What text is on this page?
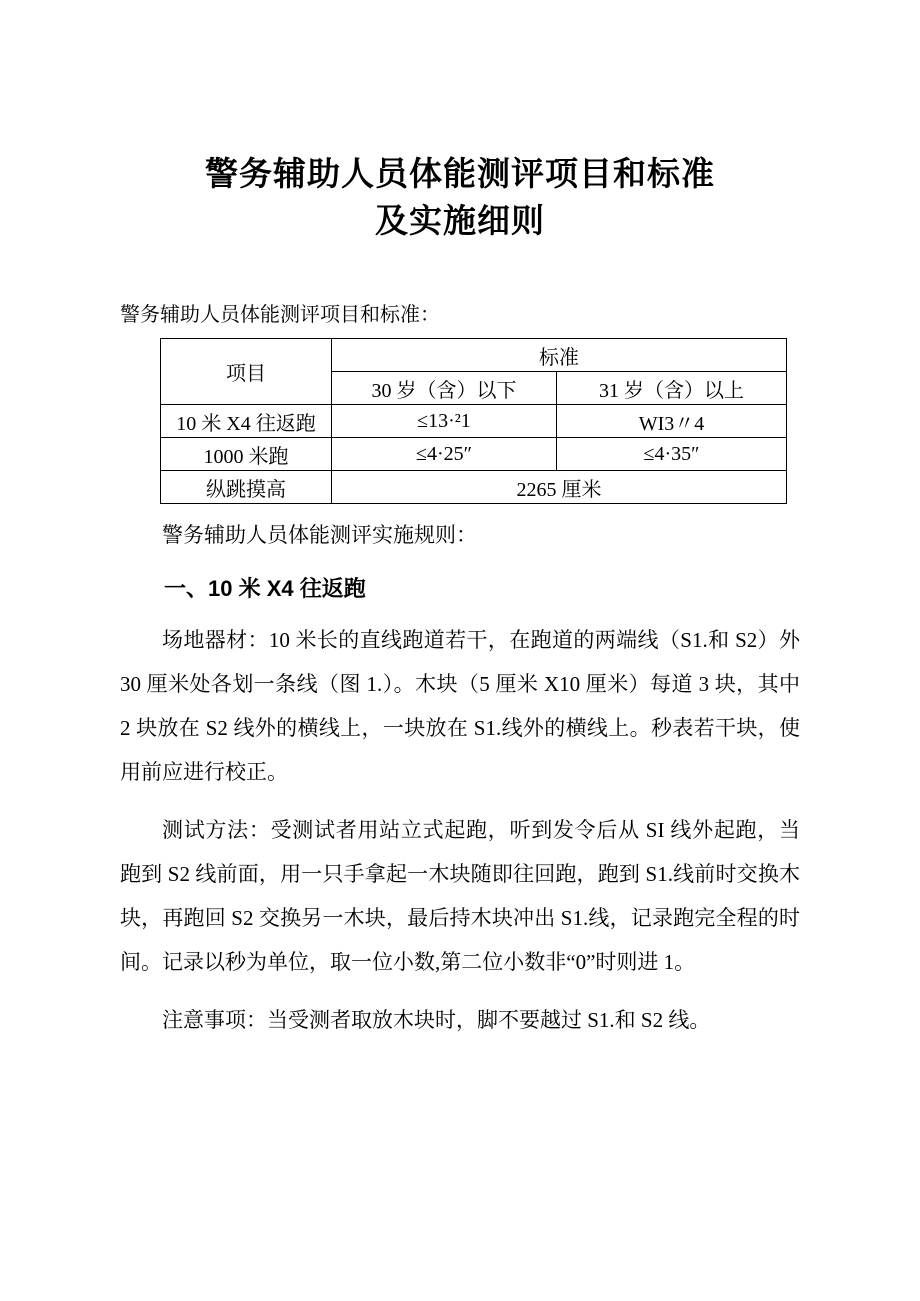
警务辅助人员体能测评项目和标准
及实施细则

警务辅助人员体能测评项目和标准：

项目	标准	
	30 岁（含）以下	31 岁（含）以上
10 米 X4 往返跑	≤13·²1	WI3〃4
1000 米跑	≤4·25″	≤4·35″
纵跳摸高	2265 厘米	

警务辅助人员体能测评实施规则：

一、10 米 X4 往返跑

场地器材：10 米长的直线跑道若干，在跑道的两端线（S1.和 S2）外 30 厘米处各划一条线（图 1.）。木块（5 厘米 X10 厘米）每道 3 块，其中 2 块放在 S2 线外的横线上，一块放在 S1.线外的横线上。秒表若干块，使用前应进行校正。

测试方法：受测试者用站立式起跑，听到发令后从 SI 线外起跑，当跑到 S2 线前面，用一只手拿起一木块随即往回跑，跑到 S1.线前时交换木块，再跑回 S2 交换另一木块，最后持木块冲出 S1.线，记录跑完全程的时间。记录以秒为单位，取一位小数,第二位小数非“0”时则进 1。

注意事项：当受测者取放木块时，脚不要越过 S1.和 S2 线。
